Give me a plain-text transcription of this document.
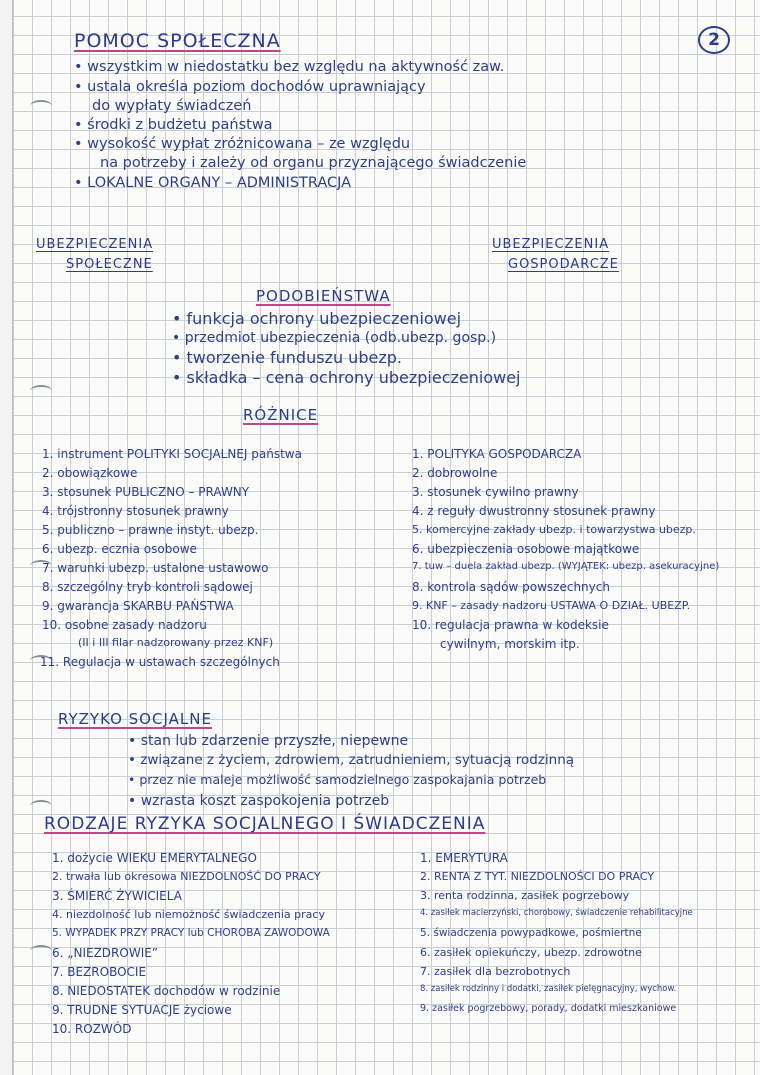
2
POMOC SPOŁECZNA
• wszystkim w niedostatku bez względu na aktywność zaw.
• ustala określa poziom dochodów uprawniający
do wypłaty świadczeń
• środki z budżetu państwa
• wysokość wypłat zróżnicowana – ze względu
na potrzeby i zależy od organu przyznającego świadczenie
• LOKALNE ORGANY – ADMINISTRACJA
UBEZPIECZENIA
SPOŁECZNE
UBEZPIECZENIA
GOSPODARCZE
PODOBIEŃSTWA
• funkcja ochrony ubezpieczeniowej
• przedmiot ubezpieczenia (odb.ubezp. gosp.)
• tworzenie funduszu ubezp.
• składka – cena ochrony ubezpieczeniowej
RÓŻNICE
1. instrument POLITYKI SOCJALNEJ państwa
2. obowiązkowe
3. stosunek PUBLICZNO – PRAWNY
4. trójstronny stosunek prawny
5. publiczno – prawne instyt. ubezp.
6. ubezp. ecznia osobowe
7. warunki ubezp. ustalone ustawowo
8. szczególny tryb kontroli sądowej
9. gwarancja SKARBU PAŃSTWA
10. osobne zasady nadzoru
(II i III filar nadzorowany przez KNF)
11. Regulacja w ustawach szczególnych
1. POLITYKA GOSPODARCZA
2. dobrowolne
3. stosunek cywilno prawny
4. z reguły dwustronny stosunek prawny
5. komercyjne zakłady ubezp. i towarzystwa ubezp.
6. ubezpieczenia osobowe majątkowe
7. tuw – duela zakład ubezp. (WYJĄTEK: ubezp. asekuracyjne)
8. kontrola sądów powszechnych
9. KNF – zasady nadzoru USTAWA O DZIAŁ. UBEZP.
10. regulacja prawna w kodeksie
cywilnym, morskim itp.
RYZYKO SOCJALNE
• stan lub zdarzenie przyszłe, niepewne
• związane z życiem, zdrowiem, zatrudnieniem, sytuacją rodzinną
• przez nie maleje możliwość samodzielnego zaspokajania potrzeb
• wzrasta koszt zaspokojenia potrzeb
RODZAJE RYZYKA SOCJALNEGO I ŚWIADCZENIA
1. dożycie WIEKU EMERYTALNEGO
2. trwała lub okresowa NIEZDOLNOŚĆ DO PRACY
3. ŚMIERĆ ŻYWICIELA
4. niezdolność lub niemożność świadczenia pracy
5. WYPADEK PRZY PRACY lub CHOROBA ZAWODOWA
6. „NIEZDROWIE”
7. BEZROBOCIE
8. NIEDOSTATEK dochodów w rodzinie
9. TRUDNE SYTUACJE życiowe
10. ROZWÓD
1. EMERYTURA
2. RENTA Z TYT. NIEZDOLNOŚCI DO PRACY
3. renta rodzinna, zasiłek pogrzebowy
4. zasiłek macierzyński, chorobowy, świadczenie rehabilitacyjne
5. świadczenia powypadkowe, pośmiertne
6. zasiłek opiekuńczy, ubezp. zdrowotne
7. zasiłek dla bezrobotnych
8. zasiłek rodzinny i dodatki, zasiłek pielęgnacyjny, wychow.
9. zasiłek pogrzebowy, porady, dodatki mieszkaniowe
